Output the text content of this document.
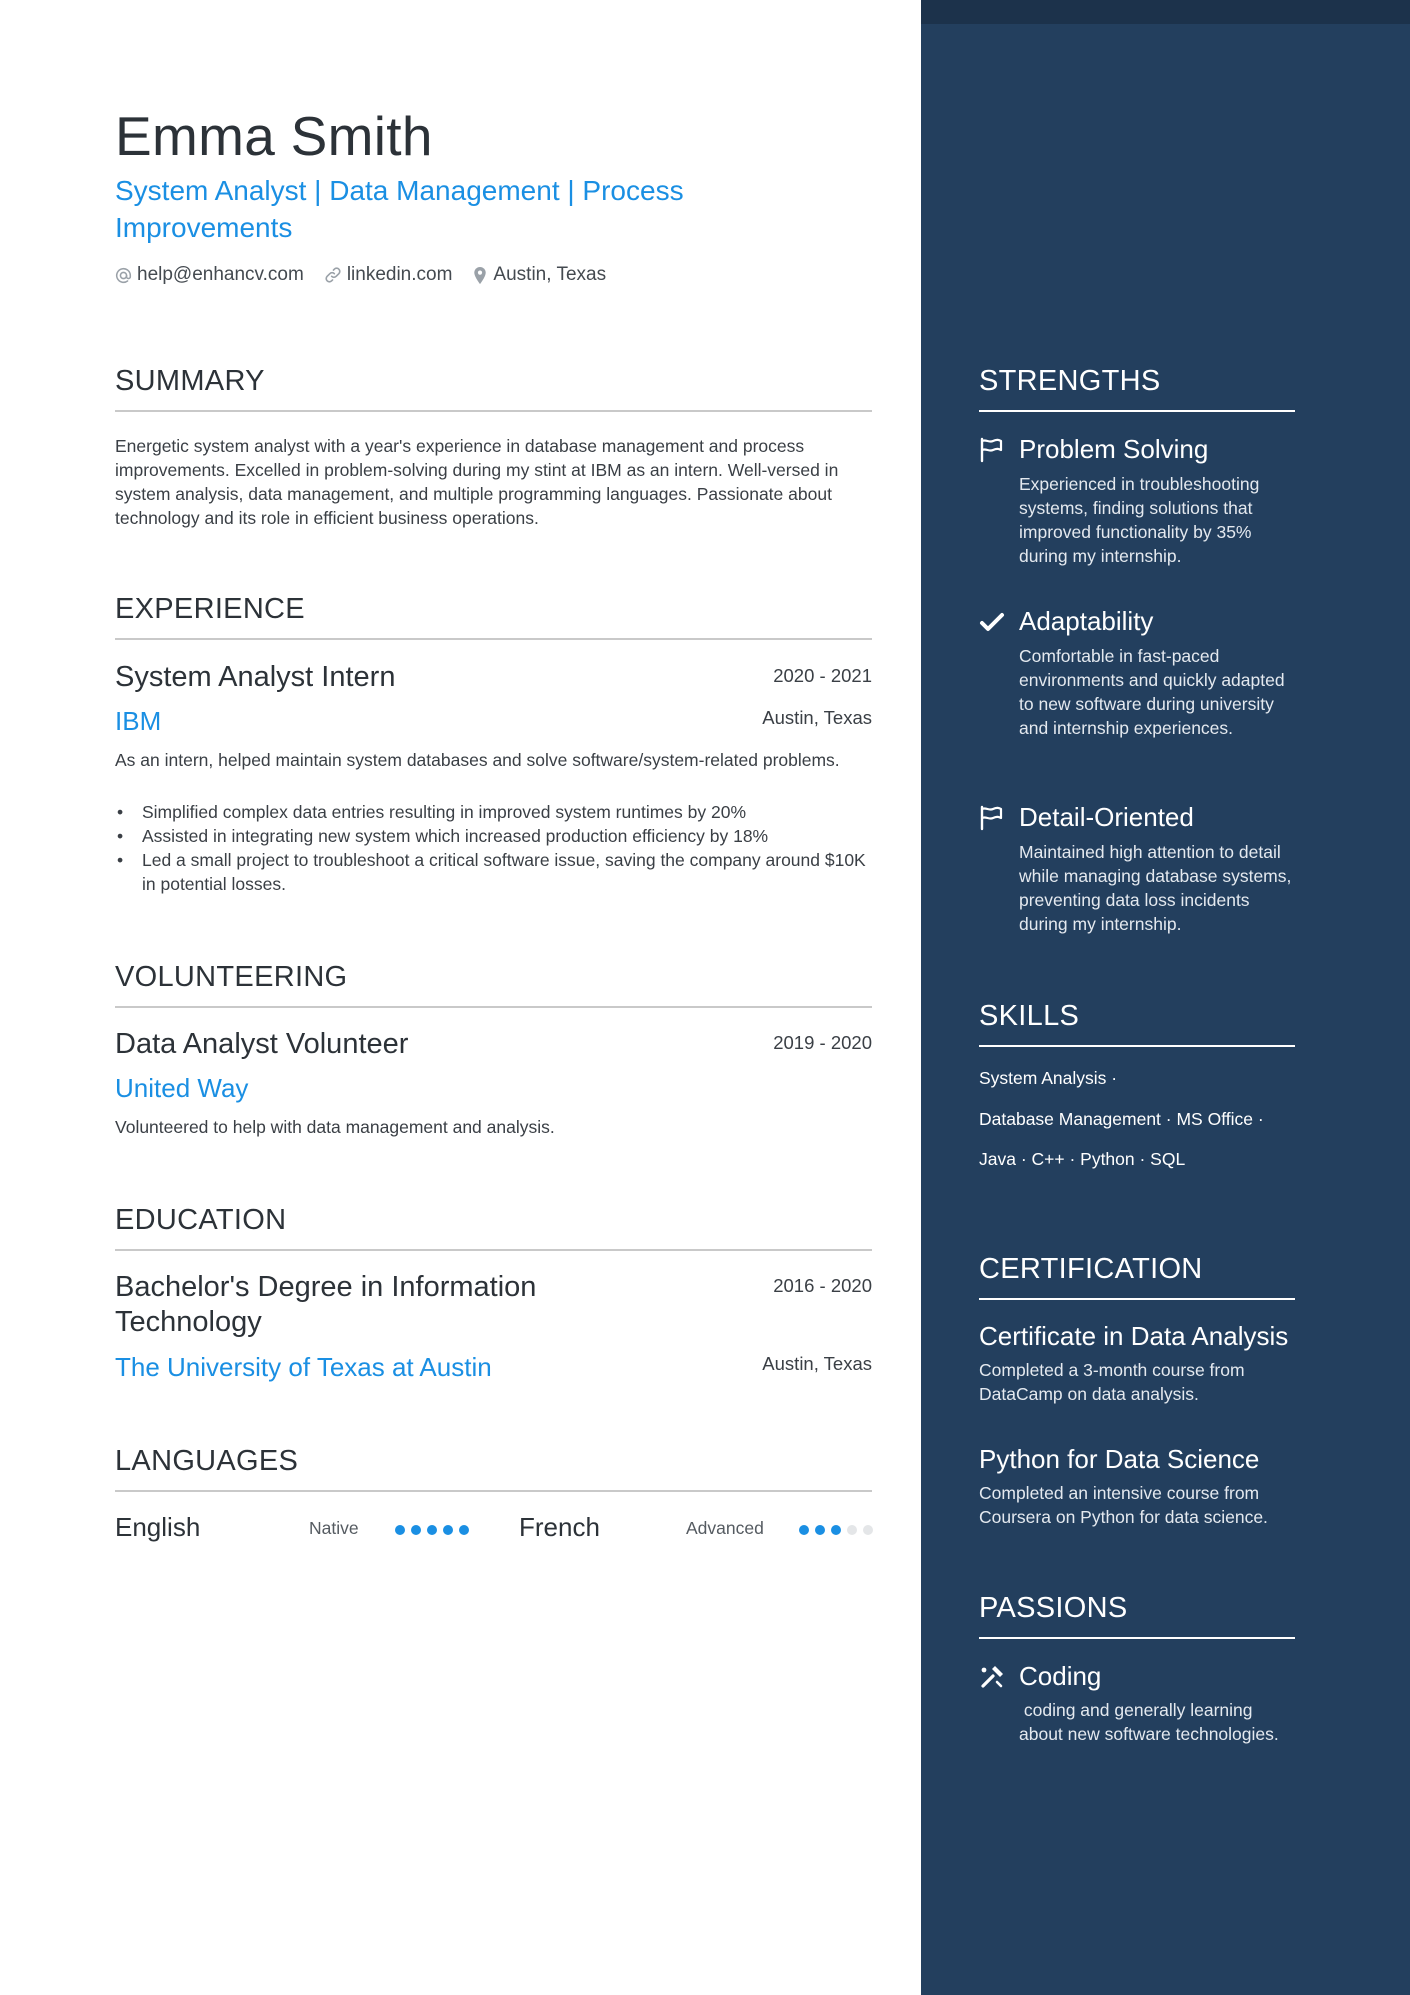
Emma Smith
System Analyst | Data Management | Process Improvements
help@enhancv.com linkedin.com Austin, Texas
SUMMARY
Energetic system analyst with a year's experience in database management and process improvements. Excelled in problem-solving during my stint at IBM as an intern. Well-versed in system analysis, data management, and multiple programming languages. Passionate about technology and its role in efficient business operations.
EXPERIENCE
System Analyst Intern	2020 - 2021
IBM	Austin, Texas
As an intern, helped maintain system databases and solve software/system-related problems.
• Simplified complex data entries resulting in improved system runtimes by 20%
• Assisted in integrating new system which increased production efficiency by 18%
• Led a small project to troubleshoot a critical software issue, saving the company around $10K in potential losses.
VOLUNTEERING
Data Analyst Volunteer	2019 - 2020
United Way
Volunteered to help with data management and analysis.
EDUCATION
Bachelor's Degree in Information Technology
2016 - 2020
The University of Texas at Austin	Austin, Texas
LANGUAGES
English	Native	French	Advanced
STRENGTHS
Problem Solving
Experienced in troubleshooting systems, finding solutions that improved functionality by 35% during my internship.
Adaptability
Comfortable in fast-paced environments and quickly adapted to new software during university and internship experiences.
Detail-Oriented
Maintained high attention to detail while managing database systems, preventing data loss incidents during my internship.
SKILLS
System Analysis ·
Database Management · MS Office ·
Java · C++ · Python · SQL
CERTIFICATION
Certificate in Data Analysis
Completed a 3-month course from DataCamp on data analysis.
Python for Data Science
Completed an intensive course from Coursera on Python for data science.
PASSIONS
Coding
coding and generally learning about new software technologies.
